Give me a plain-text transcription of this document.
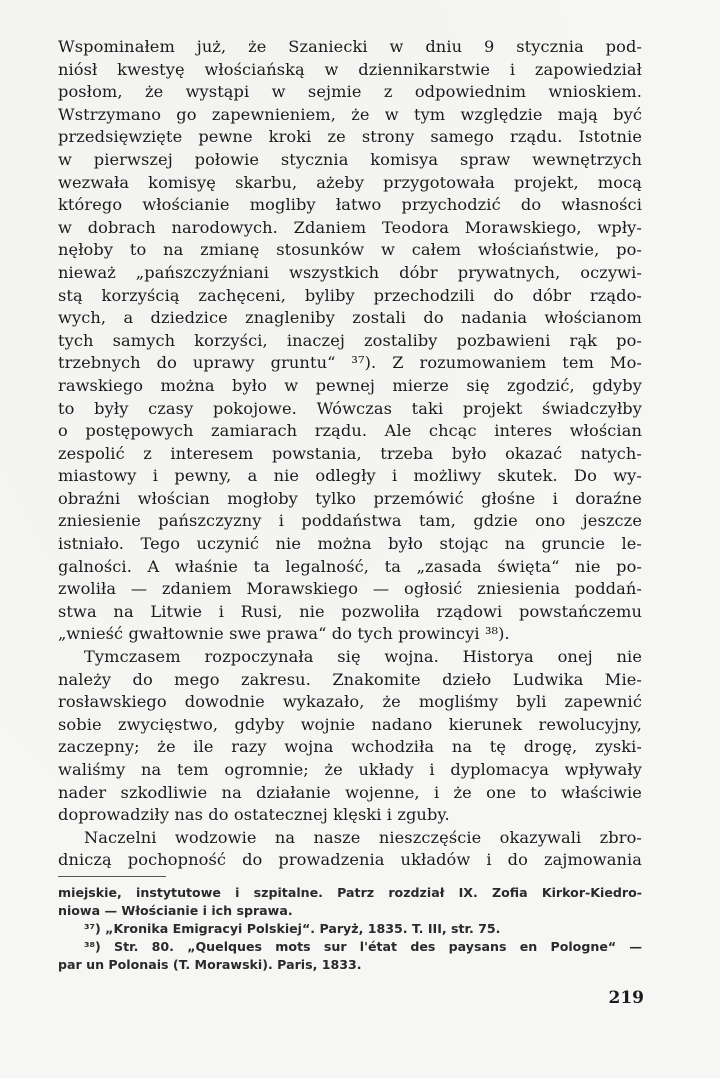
Wspominałem już, że Szaniecki w dniu 9 stycznia pod-
niósł kwestyę włościańską w dziennikarstwie i zapowiedział
posłom, że wystąpi w sejmie z odpowiednim wnioskiem.
Wstrzymano go zapewnieniem, że w tym względzie mają być
przedsięwzięte pewne kroki ze strony samego rządu. Istotnie
w pierwszej połowie stycznia komisya spraw wewnętrzych
wezwała komisyę skarbu, ażeby przygotowała projekt, mocą
którego włościanie mogliby łatwo przychodzić do własności
w dobrach narodowych. Zdaniem Teodora Morawskiego, wpły-
nęłoby to na zmianę stosunków w całem włościaństwie, po-
nieważ „pańszczyźniani wszystkich dóbr prywatnych, oczywi-
stą korzyścią zachęceni, byliby przechodzili do dóbr rządo-
wych, a dziedzice znagleniby zostali do nadania włościanom
tych samych korzyści, inaczej zostaliby pozbawieni rąk po-
trzebnych do uprawy gruntu“ ³⁷). Z rozumowaniem tem Mo-
rawskiego można było w pewnej mierze się zgodzić, gdyby
to były czasy pokojowe. Wówczas taki projekt świadczyłby
o postępowych zamiarach rządu. Ale chcąc interes włościan
zespolić z interesem powstania, trzeba było okazać natych-
miastowy i pewny, a nie odległy i możliwy skutek. Do wy-
obraźni włościan mogłoby tylko przemówić głośne i doraźne
zniesienie pańszczyzny i poddaństwa tam, gdzie ono jeszcze
istniało. Tego uczynić nie można było stojąc na gruncie le-
galności. A właśnie ta legalność, ta „zasada święta“ nie po-
zwoliła — zdaniem Morawskiego — ogłosić zniesienia poddań-
stwa na Litwie i Rusi, nie pozwoliła rządowi powstańczemu
„wnieść gwałtownie swe prawa“ do tych prowincyi ³⁸).
Tymczasem rozpoczynała się wojna. Historya onej nie
należy do mego zakresu. Znakomite dzieło Ludwika Mie-
rosławskiego dowodnie wykazało, że mogliśmy byli zapewnić
sobie zwycięstwo, gdyby wojnie nadano kierunek rewolucyjny,
zaczepny; że ile razy wojna wchodziła na tę drogę, zyski-
waliśmy na tem ogromnie; że układy i dyplomacya wpływały
nader szkodliwie na działanie wojenne, i że one to właściwie
doprowadziły nas do ostatecznej klęski i zguby.
Naczelni wodzowie na nasze nieszczęście okazywali zbro-
dniczą pochopność do prowadzenia układów i do zajmowania
miejskie, instytutowe i szpitalne. Patrz rozdział IX. Zofia Kirkor-Kiedro-
niowa — Włościanie i ich sprawa.
³⁷) „Kronika Emigracyi Polskiej“. Paryż, 1835. T. III, str. 75.
³⁸) Str. 80. „Quelques mots sur l'état des paysans en Pologne“ —
par un Polonais (T. Morawski). Paris, 1833.
219
